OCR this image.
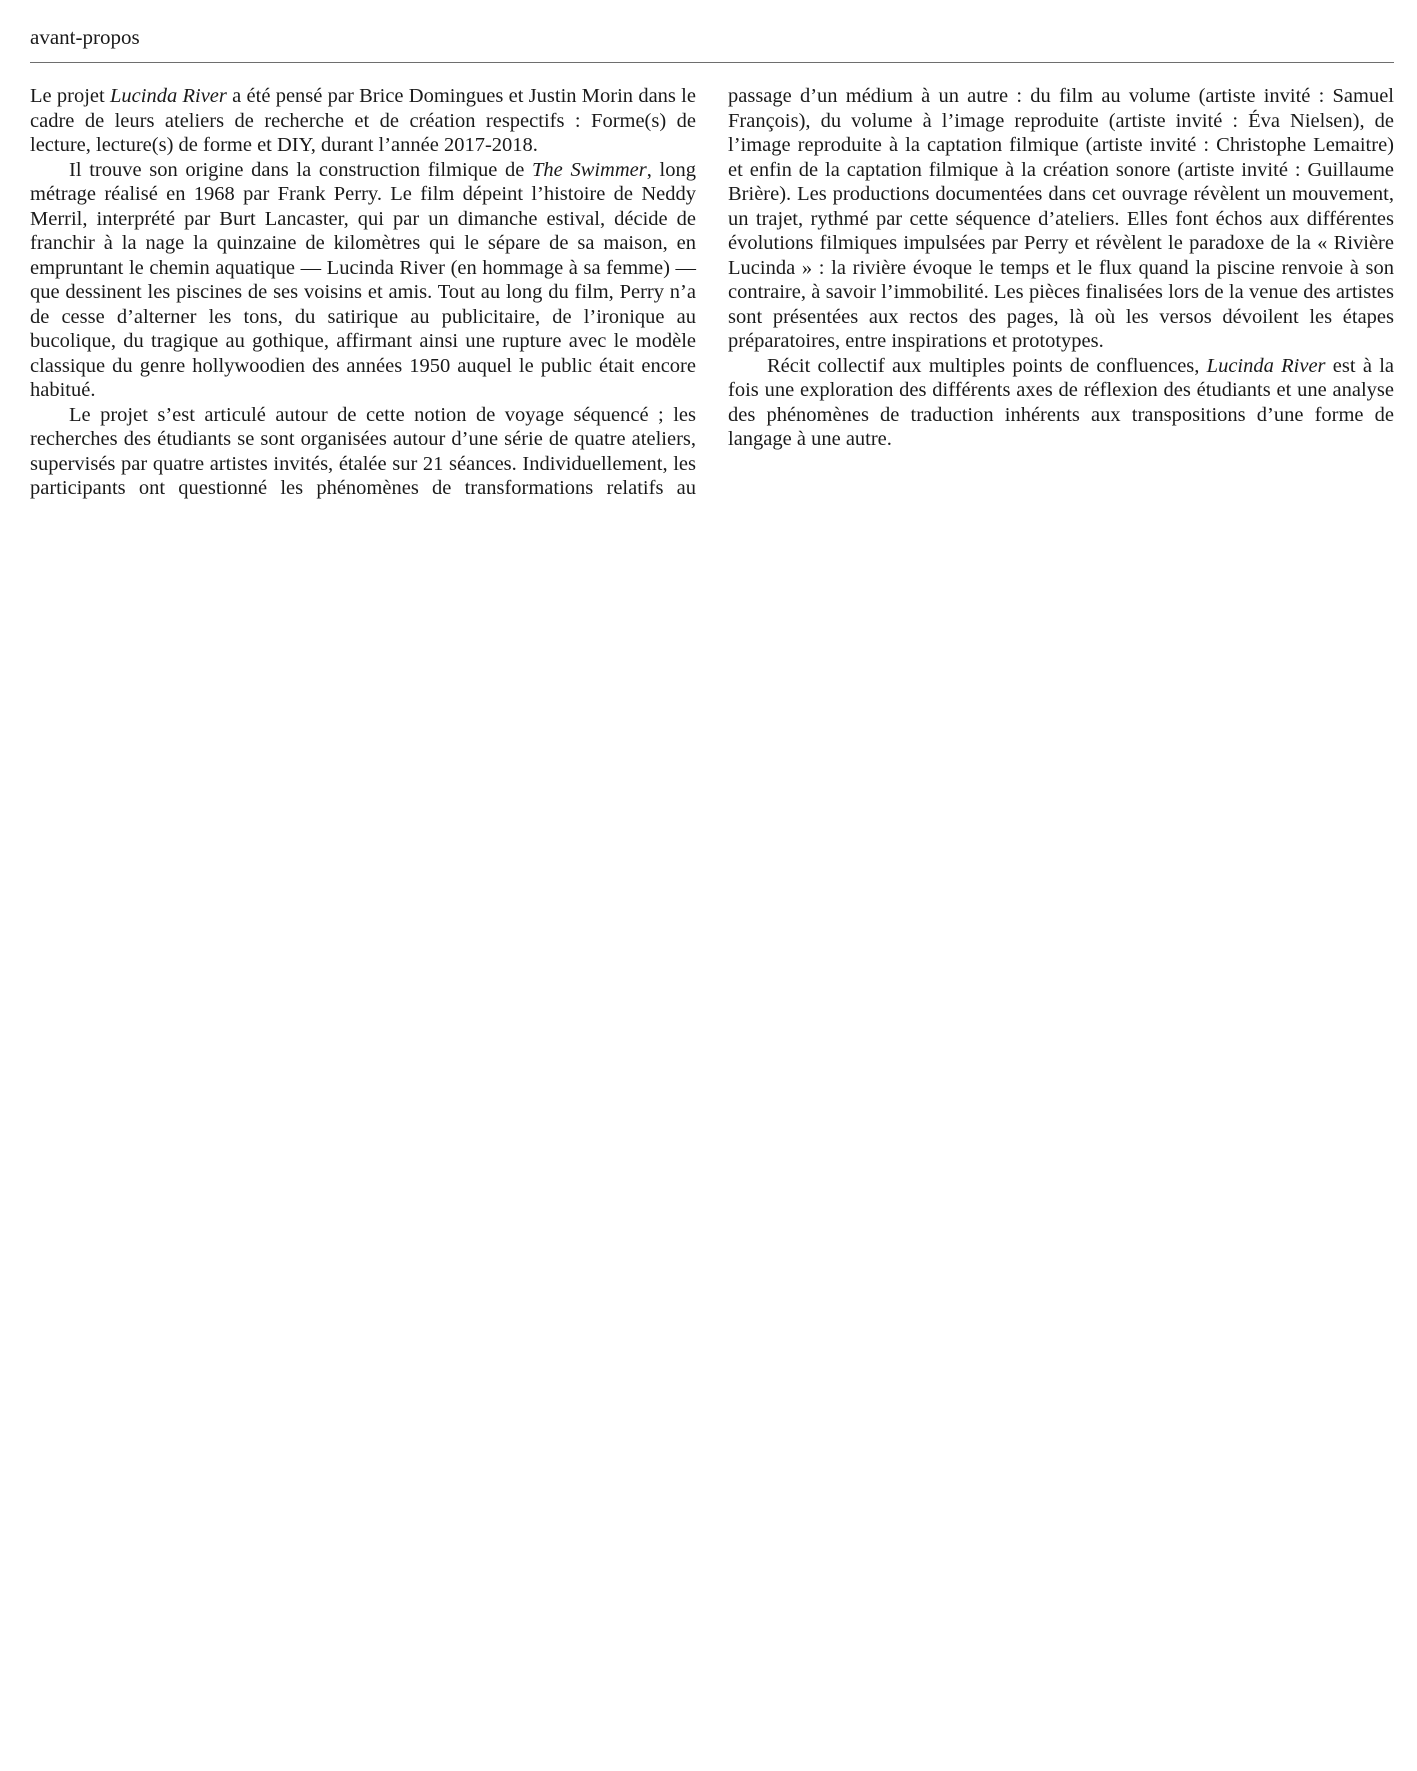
avant-propos

Le projet Lucinda River a été pensé par Brice Domingues et Justin Morin dans le cadre de leurs ateliers de recherche et de création respectifs : Forme(s) de lecture, lecture(s) de forme et DIY, durant l’année 2017-2018.

Il trouve son origine dans la construction filmique de The Swimmer, long métrage réalisé en 1968 par Frank Perry. Le film dépeint l’histoire de Neddy Merril, interprété par Burt Lancaster, qui par un dimanche estival, décide de franchir à la nage la quinzaine de kilomètres qui le sépare de sa maison, en empruntant le chemin aquatique — Lucinda River (en hommage à sa femme) — que dessinent les piscines de ses voisins et amis. Tout au long du film, Perry n’a de cesse d’alterner les tons, du satirique au publicitaire, de l’ironique au bucolique, du tragique au gothique, affirmant ainsi une rupture avec le modèle classique du genre hollywoodien des années 1950 auquel le public était encore habitué.

Le projet s’est articulé autour de cette notion de voyage séquencé ; les recherches des étudiants se sont organisées autour d’une série de quatre ateliers, supervisés par quatre artistes invités, étalée sur 21 séances. Individuellement, les participants ont questionné les phénomènes de transformations relatifs au passage d’un médium à un autre : du film au volume (artiste invité : Samuel François), du volume à l’image reproduite (artiste invité : Éva Nielsen), de l’image reproduite à la captation filmique (artiste invité : Christophe Lemaitre) et enfin de la captation filmique à la création sonore (artiste invité : Guillaume Brière). Les productions documentées dans cet ouvrage révèlent un mouvement, un trajet, rythmé par cette séquence d’ateliers. Elles font échos aux différentes évolutions filmiques impulsées par Perry et révèlent le paradoxe de la « Rivière Lucinda » : la rivière évoque le temps et le flux quand la piscine renvoie à son contraire, à savoir l’immobilité. Les pièces finalisées lors de la venue des artistes sont présentées aux rectos des pages, là où les versos dévoilent les étapes préparatoires, entre inspirations et prototypes.

Récit collectif aux multiples points de confluences, Lucinda River est à la fois une exploration des différents axes de réflexion des étudiants et une analyse des phénomènes de traduction inhérents aux transpositions d’une forme de langage à une autre.
